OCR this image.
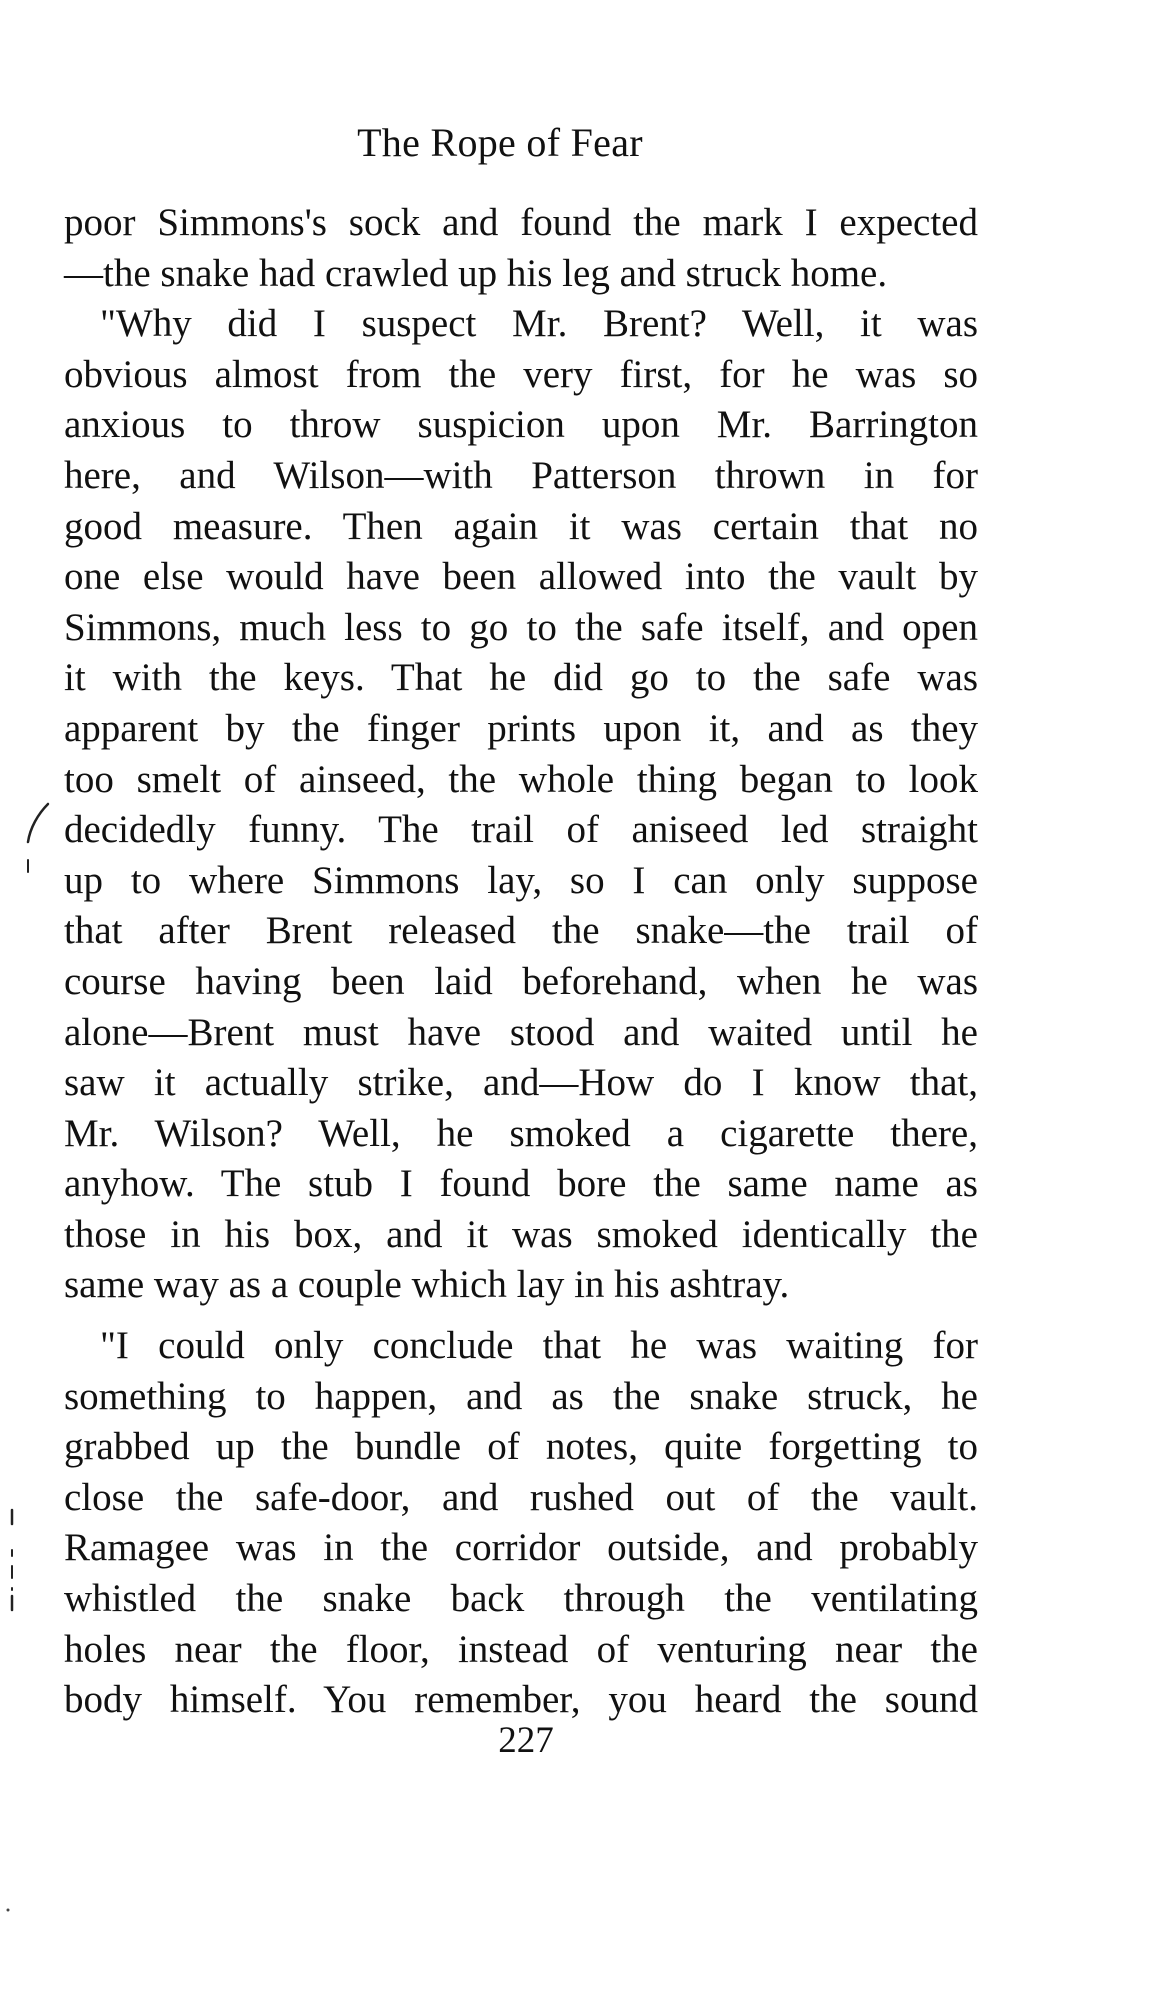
The Rope of Fear
poor Simmons's sock and found the mark I expected
—the snake had crawled up his leg and struck home.
"Why did I suspect Mr. Brent? Well, it was
obvious almost from the very first, for he was so
anxious to throw suspicion upon Mr. Barrington
here, and Wilson—with Patterson thrown in for
good measure. Then again it was certain that no
one else would have been allowed into the vault by
Simmons, much less to go to the safe itself, and open
it with the keys. That he did go to the safe was
apparent by the finger prints upon it, and as they
too smelt of ainseed, the whole thing began to look
decidedly funny. The trail of aniseed led straight
up to where Simmons lay, so I can only suppose
that after Brent released the snake—the trail of
course having been laid beforehand, when he was
alone—Brent must have stood and waited until he
saw it actually strike, and—How do I know that,
Mr. Wilson? Well, he smoked a cigarette there,
anyhow. The stub I found bore the same name as
those in his box, and it was smoked identically the
same way as a couple which lay in his ashtray.
"I could only conclude that he was waiting for
something to happen, and as the snake struck, he
grabbed up the bundle of notes, quite forgetting to
close the safe-door, and rushed out of the vault.
Ramagee was in the corridor outside, and probably
whistled the snake back through the ventilating
holes near the floor, instead of venturing near the
body himself. You remember, you heard the sound
227
